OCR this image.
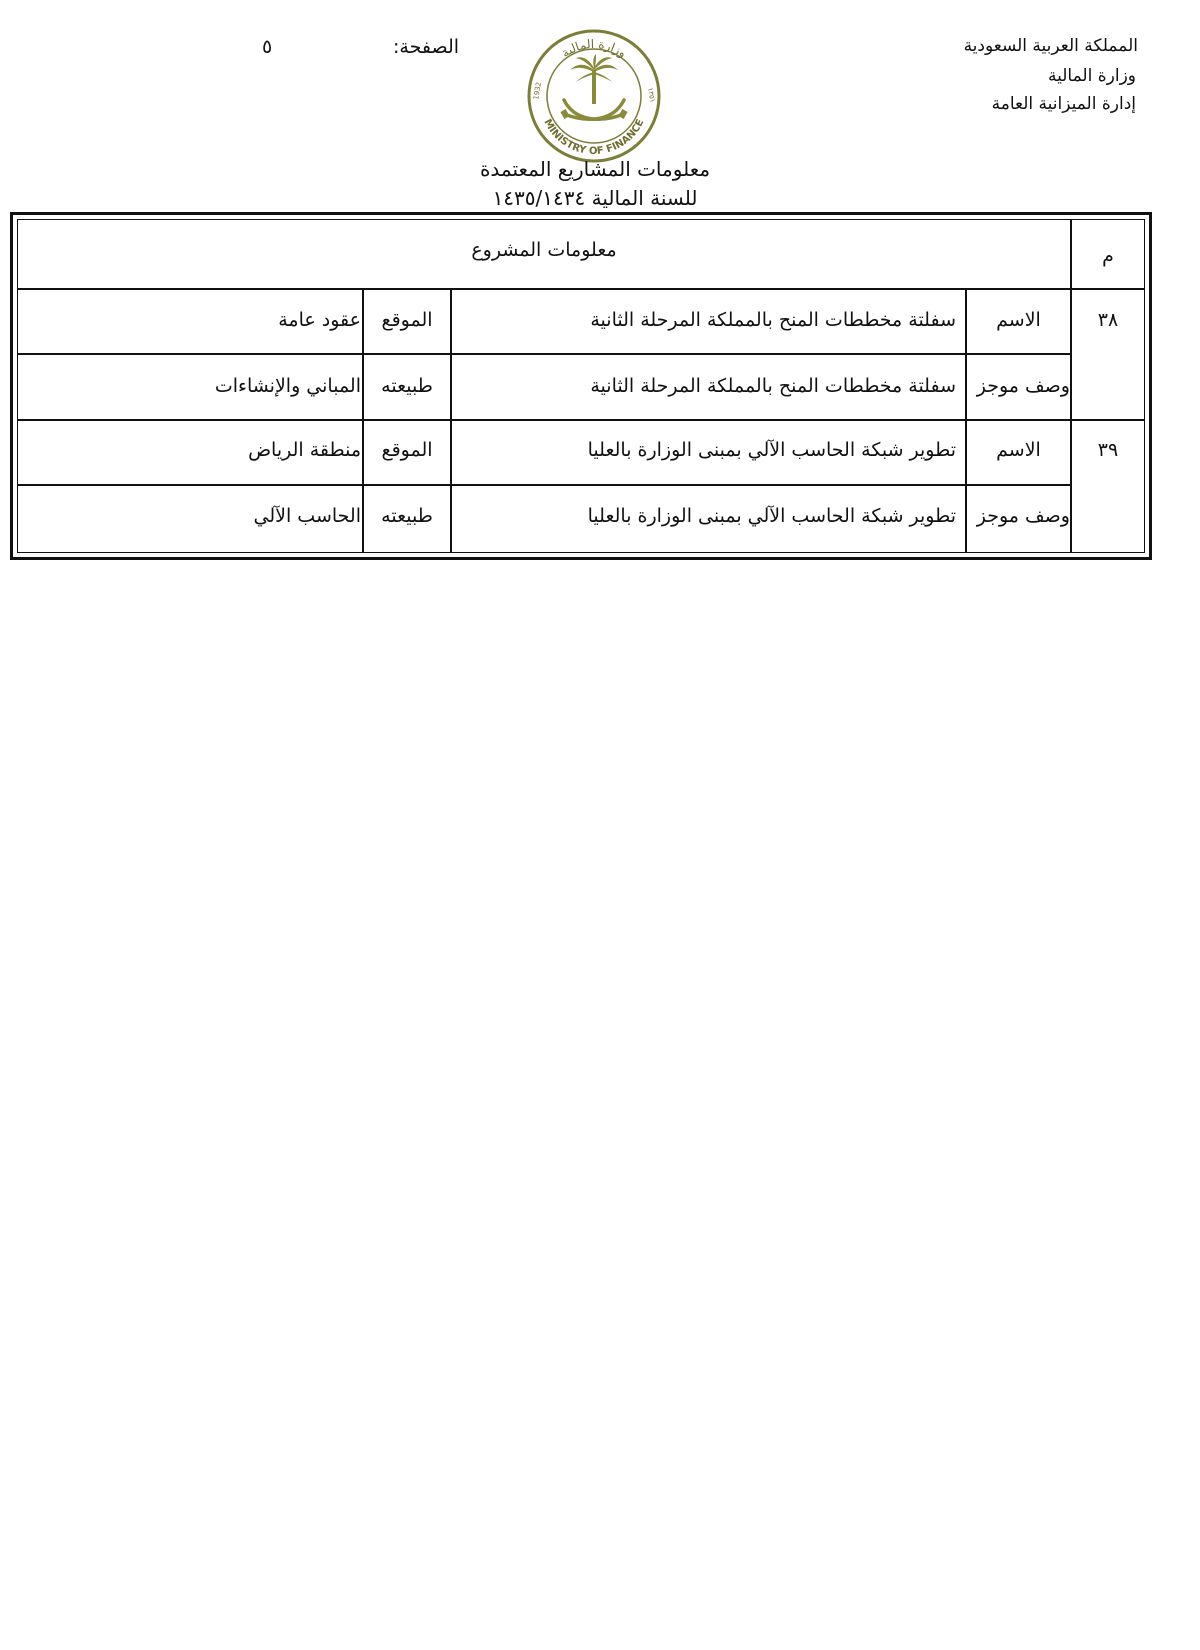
المملكة العربية السعودية
وزارة المالية
إدارة الميزانية العامة
الصفحة:
٥	وزارة المالية
MINISTRY OF FINANCE
1932	١٣٥١
معلومات المشاريع المعتمدة
للسنة المالية ١٤٣٥/١٤٣٤
م
معلومات المشروع
٣٨
الاسم
سفلتة مخططات المنح بالمملكة المرحلة الثانية
الموقع
عقود عامة
وصف موجز
سفلتة مخططات المنح بالمملكة المرحلة الثانية
طبيعته
المباني والإنشاءات
٣٩
الاسم
تطوير شبكة الحاسب الآلي بمبنى الوزارة بالعليا
الموقع
منطقة الرياض
وصف موجز
تطوير شبكة الحاسب الآلي بمبنى الوزارة بالعليا
طبيعته
الحاسب الآلي
